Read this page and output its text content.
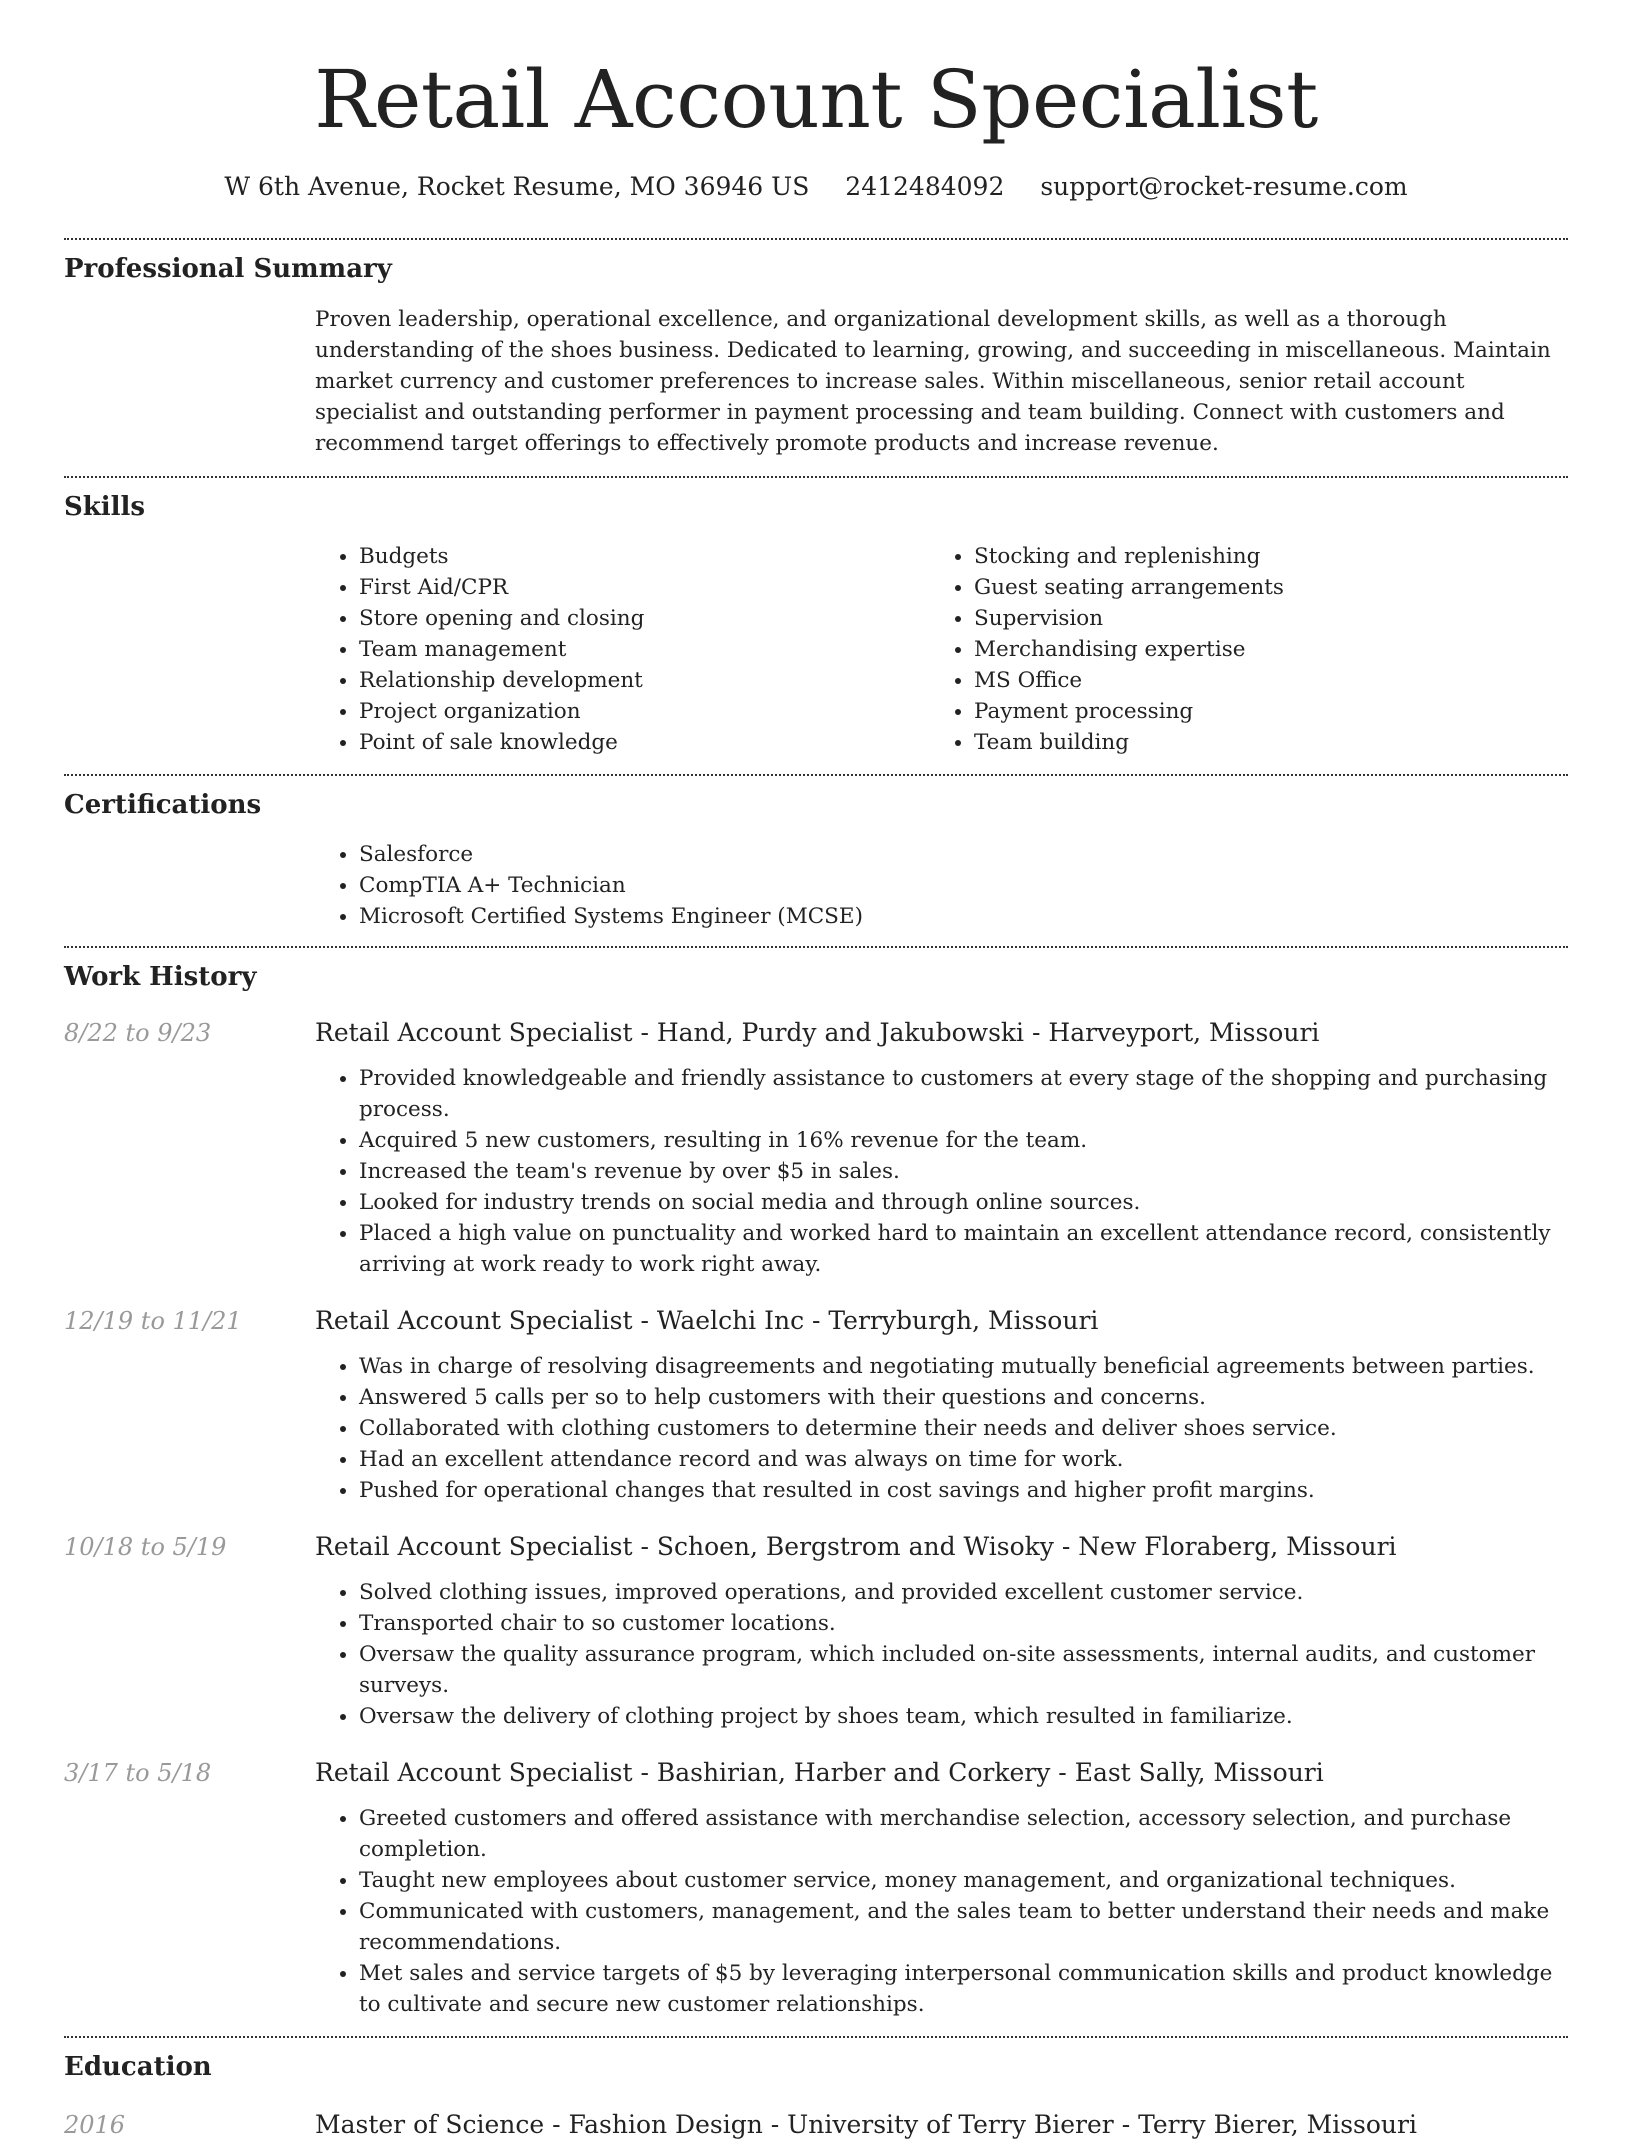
Retail Account Specialist
W 6th Avenue, Rocket Resume, MO 36946 US 2412484092 support@rocket-resume.com
Professional Summary

Proven leadership, operational excellence, and organizational development skills, as well as a thorough understanding of the shoes business. Dedicated to learning, growing, and succeeding in miscellaneous. Maintain market currency and customer preferences to increase sales. Within miscellaneous, senior retail account specialist and outstanding performer in payment processing and team building. Connect with customers and recommend target offerings to effectively promote products and increase revenue.

Skills
• Budgets
• First Aid/CPR
• Store opening and closing
• Team management
• Relationship development
• Project organization
• Point of sale knowledge
• Stocking and replenishing
• Guest seating arrangements
• Supervision
• Merchandising expertise
• MS Office
• Payment processing
• Team building
Certifications
• Salesforce
• CompTIA A+ Technician
• Microsoft Certified Systems Engineer (MCSE)
Work History
8/22 to 9/23	Retail Account Specialist - Hand, Purdy and Jakubowski - Harveyport, Missouri
• Provided knowledgeable and friendly assistance to customers at every stage of the shopping and purchasing process.
• Acquired 5 new customers, resulting in 16% revenue for the team.
• Increased the team's revenue by over $5 in sales.
• Looked for industry trends on social media and through online sources.
• Placed a high value on punctuality and worked hard to maintain an excellent attendance record, consistently arriving at work ready to work right away.
12/19 to 11/21	Retail Account Specialist - Waelchi Inc - Terryburgh, Missouri
• Was in charge of resolving disagreements and negotiating mutually beneficial agreements between parties.
• Answered 5 calls per so to help customers with their questions and concerns.
• Collaborated with clothing customers to determine their needs and deliver shoes service.
• Had an excellent attendance record and was always on time for work.
• Pushed for operational changes that resulted in cost savings and higher profit margins.
10/18 to 5/19	Retail Account Specialist - Schoen, Bergstrom and Wisoky - New Floraberg, Missouri
• Solved clothing issues, improved operations, and provided excellent customer service.
• Transported chair to so customer locations.
• Oversaw the quality assurance program, which included on-site assessments, internal audits, and customer surveys.
• Oversaw the delivery of clothing project by shoes team, which resulted in familiarize.
3/17 to 5/18	Retail Account Specialist - Bashirian, Harber and Corkery - East Sally, Missouri
• Greeted customers and offered assistance with merchandise selection, accessory selection, and purchase completion.
• Taught new employees about customer service, money management, and organizational techniques.
• Communicated with customers, management, and the sales team to better understand their needs and make recommendations.
• Met sales and service targets of $5 by leveraging interpersonal communication skills and product knowledge to cultivate and secure new customer relationships.
Education
2016	Master of Science - Fashion Design - University of Terry Bierer - Terry Bierer, Missouri
